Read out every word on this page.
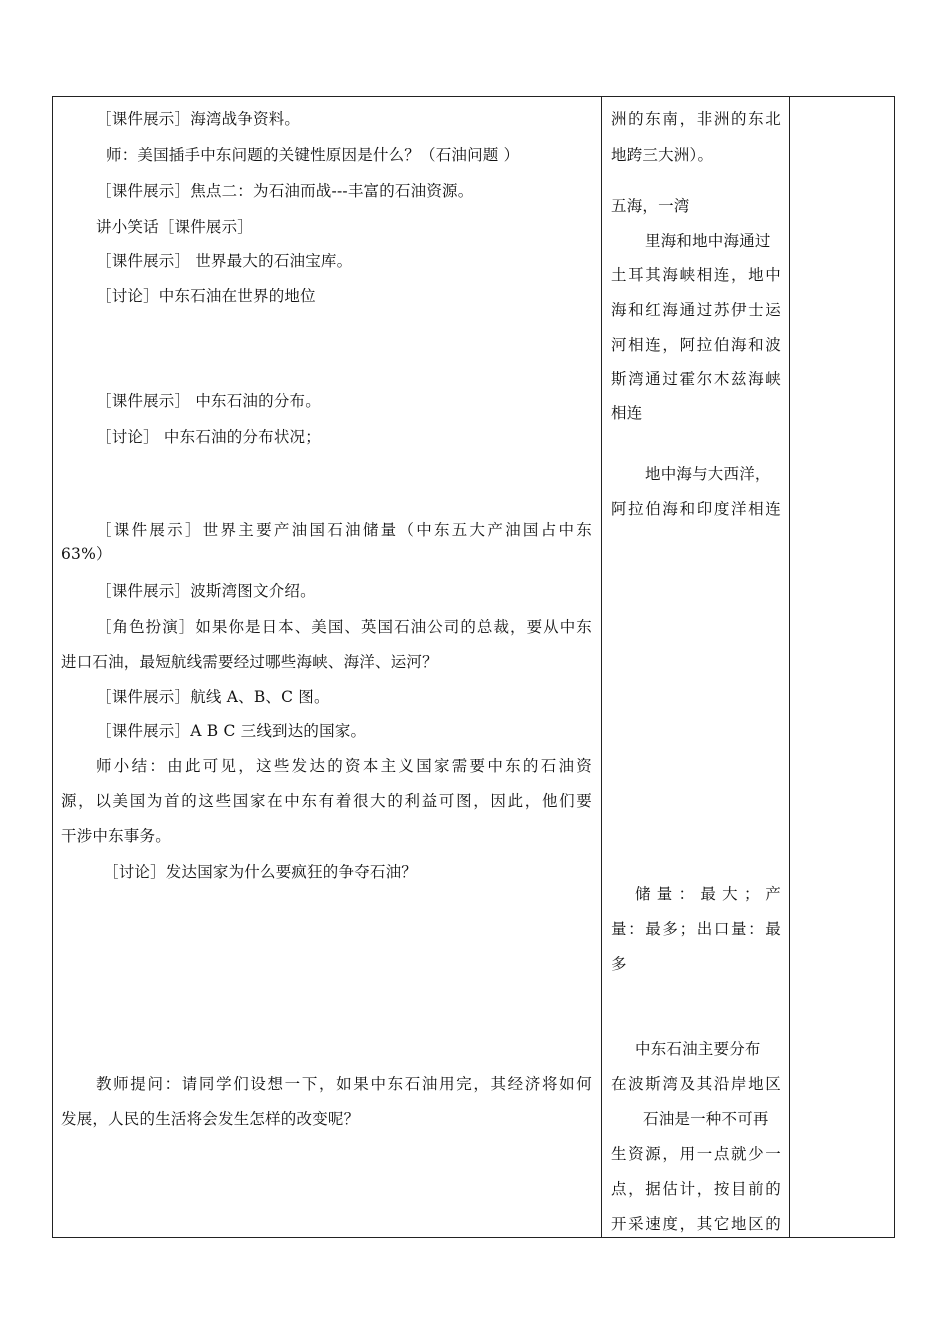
［课件展示］海湾战争资料。
师：美国插手中东问题的关键性原因是什么？（石油问题 ）
［课件展示］焦点二：为石油而战---丰富的石油资源。
讲小笑话［课件展示］
［课件展示］ 世界最大的石油宝库。
［讨论］中东石油在世界的地位
［课件展示］ 中东石油的分布。
［讨论］ 中东石油的分布状况；
［课件展示］世界主要产油国石油储量（中东五大产油国占中东
63%）
［课件展示］波斯湾图文介绍。
［角色扮演］如果你是日本、美国、英国石油公司的总裁，要从中东
进口石油，最短航线需要经过哪些海峡、海洋、运河？
［课件展示］航线 A、B、C 图。
［课件展示］A B C 三线到达的国家。
师小结：由此可见，这些发达的资本主义国家需要中东的石油资
源，以美国为首的这些国家在中东有着很大的利益可图，因此，他们要
干涉中东事务。
［讨论］发达国家为什么要疯狂的争夺石油？
教师提问：请同学们设想一下，如果中东石油用完，其经济将如何
发展，人民的生活将会发生怎样的改变呢？
洲的东南，非洲的东北
地跨三大洲）。
五海，一湾
里海和地中海通过
土耳其海峡相连，地中
海和红海通过苏伊士运
河相连，阿拉伯海和波
斯湾通过霍尔木兹海峡
相连
地中海与大西洋，
阿拉伯海和印度洋相连
储 量 ： 最 大 ； 产
量：最多；出口量：最
多
中东石油主要分布
在波斯湾及其沿岸地区
石油是一种不可再
生资源，用一点就少一
点，据估计，按目前的
开采速度，其它地区的
